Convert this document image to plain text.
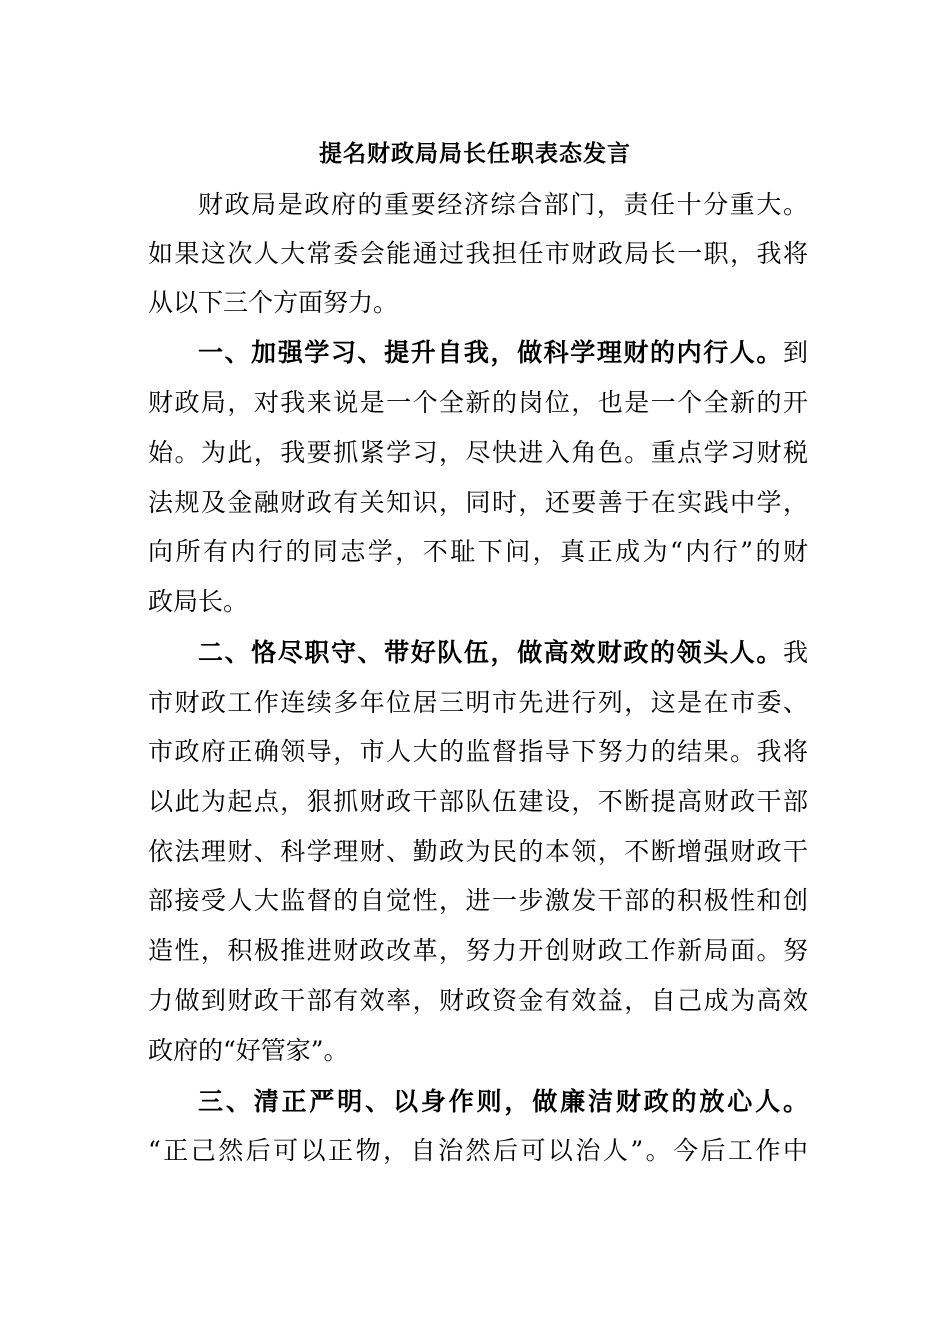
提名财政局局长任职表态发言
财政局是政府的重要经济综合部门，责任十分重大。
如果这次人大常委会能通过我担任市财政局长一职，我将
从以下三个方面努力。
一、加强学习、提升自我，做科学理财的内行人。到
财政局，对我来说是一个全新的岗位，也是一个全新的开
始。为此，我要抓紧学习，尽快进入角色。重点学习财税
法规及金融财政有关知识，同时，还要善于在实践中学，
向所有内行的同志学，不耻下问，真正成为“内行”的财
政局长。
二、恪尽职守、带好队伍，做高效财政的领头人。我
市财政工作连续多年位居三明市先进行列，这是在市委、
市政府正确领导，市人大的监督指导下努力的结果。我将
以此为起点，狠抓财政干部队伍建设，不断提高财政干部
依法理财、科学理财、勤政为民的本领，不断增强财政干
部接受人大监督的自觉性，进一步激发干部的积极性和创
造性，积极推进财政改革，努力开创财政工作新局面。努
力做到财政干部有效率，财政资金有效益，自己成为高效
政府的“好管家”。
三、清正严明、以身作则，做廉洁财政的放心人。
“正己然后可以正物，自治然后可以治人”。今后工作中
